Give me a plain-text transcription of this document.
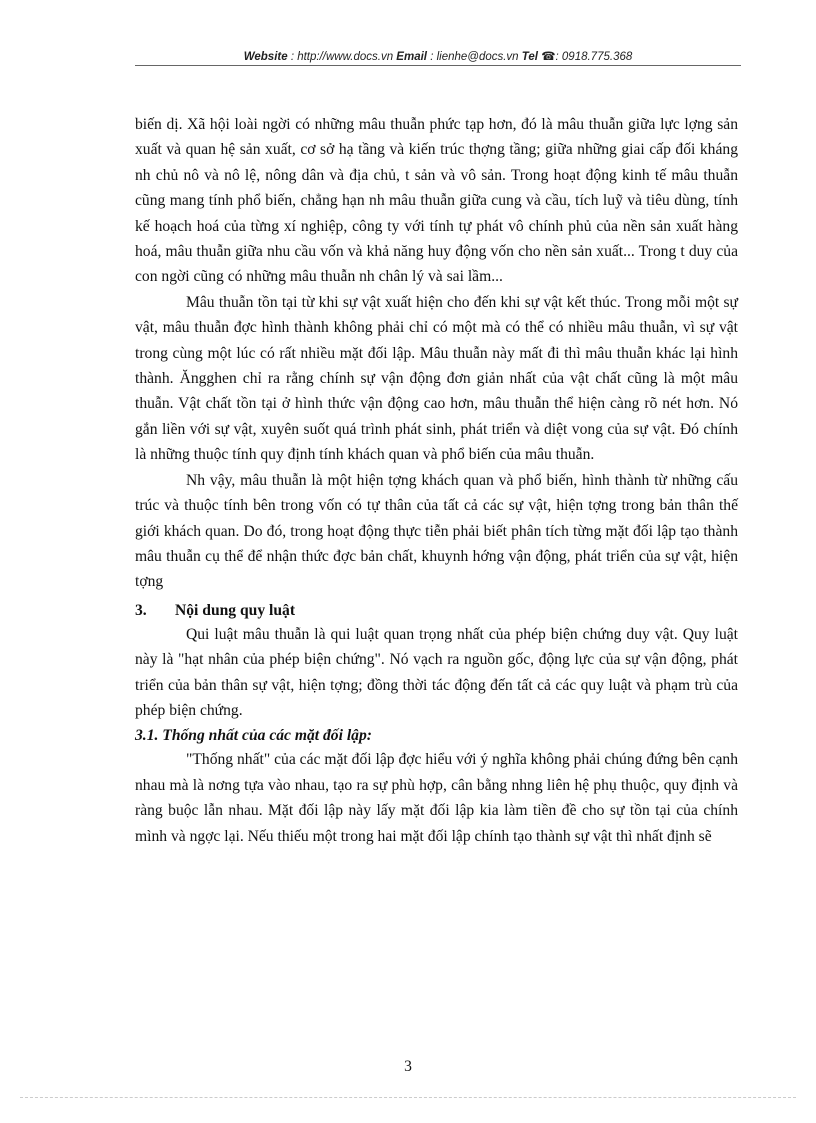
Website : http://www.docs.vn Email : lienhe@docs.vn Tel ☎: 0918.775.368

biến dị. Xã hội loài ngời có những mâu thuẫn phức tạp hơn, đó là mâu thuẫn giữa lực lợng sản xuất và quan hệ sản xuất, cơ sở hạ tầng và kiến trúc thợng tầng; giữa những giai cấp đối kháng nh chủ nô và nô lệ, nông dân và địa chủ, t sản và vô sản. Trong hoạt động kinh tế mâu thuẫn cũng mang tính phổ biến, chẳng hạn nh mâu thuẫn giữa cung và cầu, tích luỹ và tiêu dùng, tính kế hoạch hoá của từng xí nghiệp, công ty với tính tự phát vô chính phủ của nền sản xuất hàng hoá, mâu thuẫn giữa nhu cầu vốn và khả năng huy động vốn cho nền sản xuất... Trong t duy của con ngời cũng có những mâu thuẫn nh chân lý và sai lầm...

Mâu thuẫn tồn tại từ khi sự vật xuất hiện cho đến khi sự vật kết thúc. Trong mỗi một sự vật, mâu thuẫn đợc hình thành không phải chỉ có một mà có thể có nhiều mâu thuẫn, vì sự vật trong cùng một lúc có rất nhiều mặt đối lập. Mâu thuẫn này mất đi thì mâu thuẫn khác lại hình thành. Ăngghen chỉ ra rằng chính sự vận động đơn giản nhất của vật chất cũng là một mâu thuẫn. Vật chất tồn tại ở hình thức vận động cao hơn, mâu thuẫn thể hiện càng rõ nét hơn. Nó gắn liền với sự vật, xuyên suốt quá trình phát sinh, phát triển và diệt vong của sự vật. Đó chính là những thuộc tính quy định tính khách quan và phổ biến của mâu thuẫn.

Nh vậy, mâu thuẫn là một hiện tợng khách quan và phổ biến, hình thành từ những cấu trúc và thuộc tính bên trong vốn có tự thân của tất cả các sự vật, hiện tợng trong bản thân thế giới khách quan. Do đó, trong hoạt động thực tiễn phải biết phân tích từng mặt đối lập tạo thành mâu thuẫn cụ thể để nhận thức đợc bản chất, khuynh hớng vận động, phát triển của sự vật, hiện tợng

3. Nội dung quy luật

Qui luật mâu thuẫn là qui luật quan trọng nhất của phép biện chứng duy vật. Quy luật này là "hạt nhân của phép biện chứng". Nó vạch ra nguồn gốc, động lực của sự vận động, phát triển của bản thân sự vật, hiện tợng; đồng thời tác động đến tất cả các quy luật và phạm trù của phép biện chứng.

3.1. Thống nhất của các mặt đối lập:

"Thống nhất" của các mặt đối lập đợc hiểu với ý nghĩa không phải chúng đứng bên cạnh nhau mà là nơng tựa vào nhau, tạo ra sự phù hợp, cân bằng nhng liên hệ phụ thuộc, quy định và ràng buộc lẫn nhau. Mặt đối lập này lấy mặt đối lập kia làm tiền đề cho sự tồn tại của chính mình và ngợc lại. Nếu thiếu một trong hai mặt đối lập chính tạo thành sự vật thì nhất định sẽ

3
